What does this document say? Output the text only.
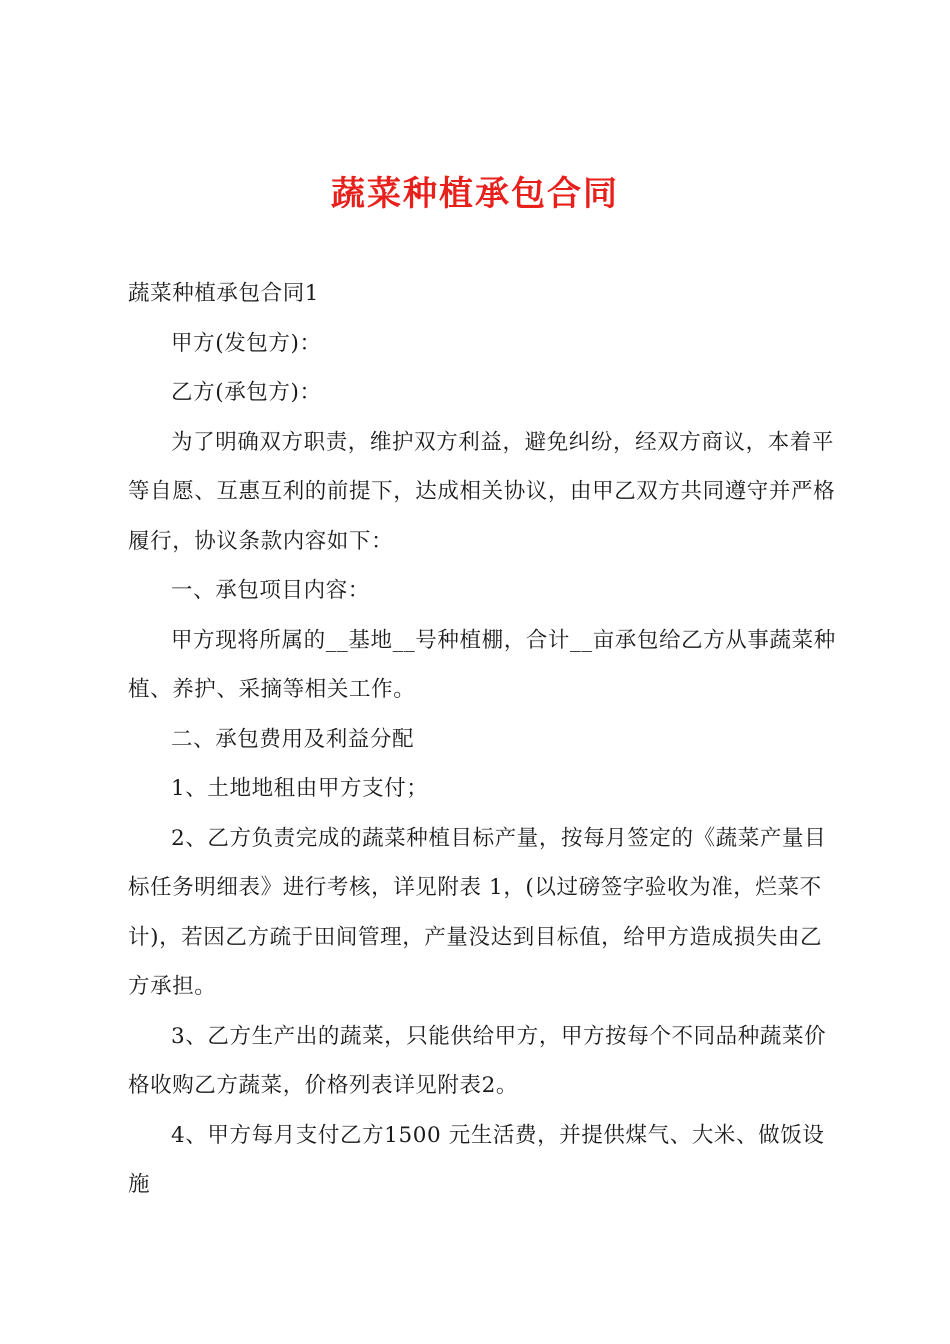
蔬菜种植承包合同

蔬菜种植承包合同1

甲方(发包方)：

乙方(承包方)：

为了明确双方职责，维护双方利益，避免纠纷，经双方商议，本着平等自愿、互惠互利的前提下，达成相关协议，由甲乙双方共同遵守并严格履行，协议条款内容如下：

一、承包项目内容：

甲方现将所属的__基地__号种植棚，合计__亩承包给乙方从事蔬菜种植、养护、采摘等相关工作。

二、承包费用及利益分配

1、土地地租由甲方支付；

2、乙方负责完成的蔬菜种植目标产量，按每月签定的《蔬菜产量目标任务明细表》进行考核，详见附表 1，(以过磅签字验收为准，烂菜不计)，若因乙方疏于田间管理，产量没达到目标值，给甲方造成损失由乙方承担。

3、乙方生产出的蔬菜，只能供给甲方，甲方按每个不同品种蔬菜价格收购乙方蔬菜，价格列表详见附表2。

4、甲方每月支付乙方1500 元生活费，并提供煤气、大米、做饭设施
